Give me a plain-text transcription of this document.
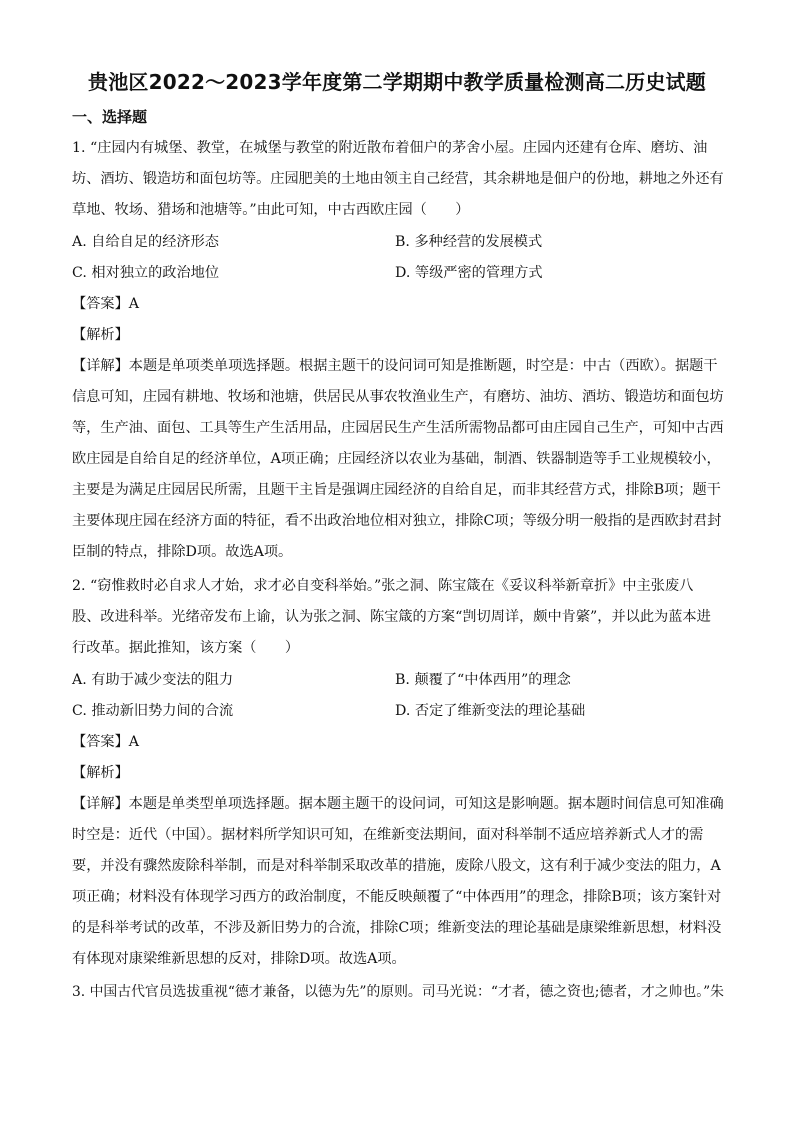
贵池区2022～2023学年度第二学期期中教学质量检测高二历史试题
一、选择题
1. “庄园内有城堡、教堂，在城堡与教堂的附近散布着佃户的茅舍小屋。庄园内还建有仓库、磨坊、油
坊、酒坊、锻造坊和面包坊等。庄园肥美的土地由领主自己经营，其余耕地是佃户的份地，耕地之外还有
草地、牧场、猎场和池塘等。”由此可知，中古西欧庄园（　　）
A. 自给自足的经济形态	B. 多种经营的发展模式
C. 相对独立的政治地位	D. 等级严密的管理方式
【答案】A
【解析】
【详解】本题是单项类单项选择题。根据主题干的设问词可知是推断题，时空是：中古（西欧）。据题干
信息可知，庄园有耕地、牧场和池塘，供居民从事农牧渔业生产，有磨坊、油坊、酒坊、锻造坊和面包坊 等，生产油、面包、工具等生产生活用品，庄园居民生产生活所需物品都可由庄园自己生产，可知中古西
欧庄园是自给自足的经济单位，A项正确；庄园经济以农业为基础，制酒、铁器制造等手工业规模较小，
主要是为满足庄园居民所需，且题干主旨是强调庄园经济的自给自足，而非其经营方式，排除B项；题干
主要体现庄园在经济方面的特征，看不出政治地位相对独立，排除C项；等级分明一般指的是西欧封君封
臣制的特点，排除D项。故选A项。
2. “窃惟救时必自求人才始，求才必自变科举始。”张之洞、陈宝箴在《妥议科举新章折》中主张废八
股、改进科举。光绪帝发布上谕，认为张之洞、陈宝箴的方案“剀切周详，颇中肯綮”，并以此为蓝本进
行改革。据此推知，该方案（　　）
A. 有助于减少变法的阻力	B. 颠覆了“中体西用”的理念
C. 推动新旧势力间的合流	D. 否定了维新变法的理论基础
【答案】A
【解析】
【详解】本题是单类型单项选择题。据本题主题干的设问词，可知这是影响题。据本题时间信息可知准确
时空是：近代（中国）。据材料所学知识可知，在维新变法期间，面对科举制不适应培养新式人才的需
要，并没有骤然废除科举制，而是对科举制采取改革的措施，废除八股文，这有利于减少变法的阻力，A
项正确；材料没有体现学习西方的政治制度，不能反映颠覆了“中体西用”的理念，排除B项；该方案针对
的是科举考试的改革，不涉及新旧势力的合流，排除C项；维新变法的理论基础是康梁维新思想，材料没
有体现对康梁维新思想的反对，排除D项。故选A项。
3. 中国古代官员选拔重视“德才兼备，以德为先”的原则。司马光说：“才者，德之资也;德者，才之帅也。”朱
